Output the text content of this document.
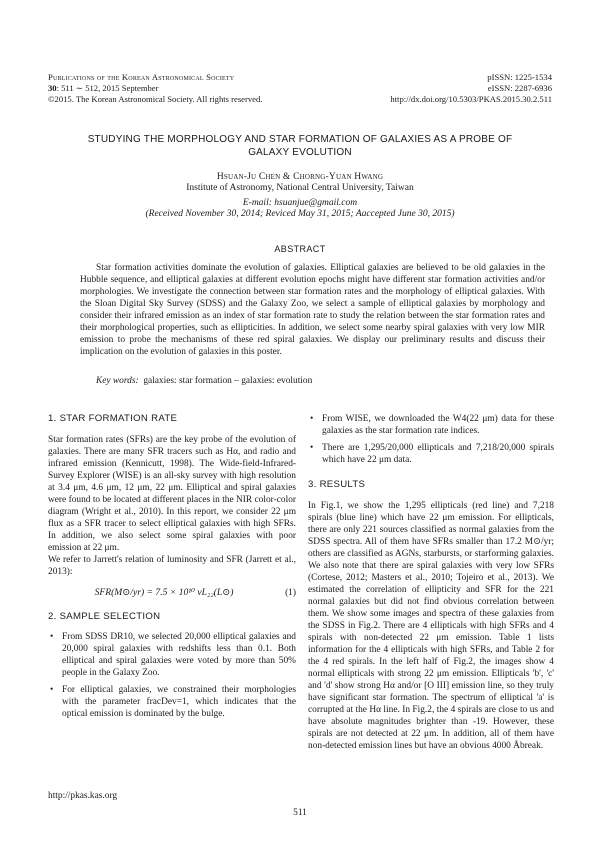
Publications of the Korean Astronomical Society
30: 511 ∼ 512, 2015 September
©2015. The Korean Astronomical Society. All rights reserved.
pISSN: 1225-1534
eISSN: 2287-6936
http://dx.doi.org/10.5303/PKAS.2015.30.2.511
STUDYING THE MORPHOLOGY AND STAR FORMATION OF GALAXIES AS A PROBE OF GALAXY EVOLUTION
Hsuan-Ju Chen & Chorng-Yuan Hwang
Institute of Astronomy, National Central University, Taiwan
E-mail: hsuanjue@gmail.com
(Received November 30, 2014; Reviced May 31, 2015; Aaccepted June 30, 2015)
ABSTRACT

Star formation activities dominate the evolution of galaxies. Elliptical galaxies are believed to be old galaxies in the Hubble sequence, and elliptical galaxies at different evolution epochs might have different star formation activities and/or morphologies. We investigate the connection between star formation rates and the morphology of elliptical galaxies. With the Sloan Digital Sky Survey (SDSS) and the Galaxy Zoo, we select a sample of elliptical galaxies by morphology and consider their infrared emission as an index of star formation rate to study the relation between the star formation rates and their morphological properties, such as ellipticities. In addition, we select some nearby spiral galaxies with very low MIR emission to probe the mechanisms of these red spiral galaxies. We display our preliminary results and discuss their implication on the evolution of galaxies in this poster.

Key words: galaxies: star formation – galaxies: evolution
1. STAR FORMATION RATE

Star formation rates (SFRs) are the key probe of the evolution of galaxies. There are many SFR tracers such as Hα, and radio and infrared emission (Kennicutt, 1998). The Wide-field-Infrared-Survey Explorer (WISE) is an all-sky survey with high resolution at 3.4 μm, 4.6 μm, 12 μm, 22 μm. Elliptical and spiral galaxies were found to be located at different places in the NIR color-color diagram (Wright et al., 2010). In this report, we consider 22 μm flux as a SFR tracer to select elliptical galaxies with high SFRs. In addition, we also select some spiral galaxies with poor emission at 22 μm.

We refer to Jarrett's relation of luminosity and SFR (Jarrett et al., 2013):

SFR(M⊙/yr) = 7.5 × 10¹⁰ νL₂₂(L⊙)	(1)
2. SAMPLE SELECTION
• From SDSS DR10, we selected 20,000 elliptical galaxies and 20,000 spiral galaxies with redshifts less than 0.1. Both elliptical and spiral galaxies were voted by more than 50% people in the Galaxy Zoo.
• For elliptical galaxies, we constrained their morphologies with the parameter fracDev=1, which indicates that the optical emission is dominated by the bulge.
• From WISE, we downloaded the W4(22 μm) data for these galaxies as the star formation rate indices.
• There are 1,295/20,000 ellipticals and 7,218/20,000 spirals which have 22 μm data.
3. RESULTS

In Fig.1, we show the 1,295 ellipticals (red line) and 7,218 spirals (blue line) which have 22 μm emission. For ellipticals, there are only 221 sources classified as normal galaxies from the SDSS spectra. All of them have SFRs smaller than 17.2 M⊙/yr; others are classified as AGNs, starbursts, or starforming galaxies. We also note that there are spiral galaxies with very low SFRs (Cortese, 2012; Masters et al., 2010; Tojeiro et al., 2013). We estimated the correlation of ellipticity and SFR for the 221 normal galaxies but did not find obvious correlation between them. We show some images and spectra of these galaxies from the SDSS in Fig.2. There are 4 ellipticals with high SFRs and 4 spirals with non-detected 22 μm emission. Table 1 lists information for the 4 ellipticals with high SFRs, and Table 2 for the 4 red spirals. In the left half of Fig.2, the images show 4 normal ellipticals with strong 22 μm emission. Ellipticals 'b', 'c' and 'd' show strong Hα and/or [O III] emission line, so they truly have significant star formation. The spectrum of elliptical 'a' is corrupted at the Hα line. In Fig.2, the 4 spirals are close to us and have absolute magnitudes brighter than -19. However, these spirals are not detected at 22 μm. In addition, all of them have non-detected emission lines but have an obvious 4000 Åbreak.

http://pkas.kas.org
511
